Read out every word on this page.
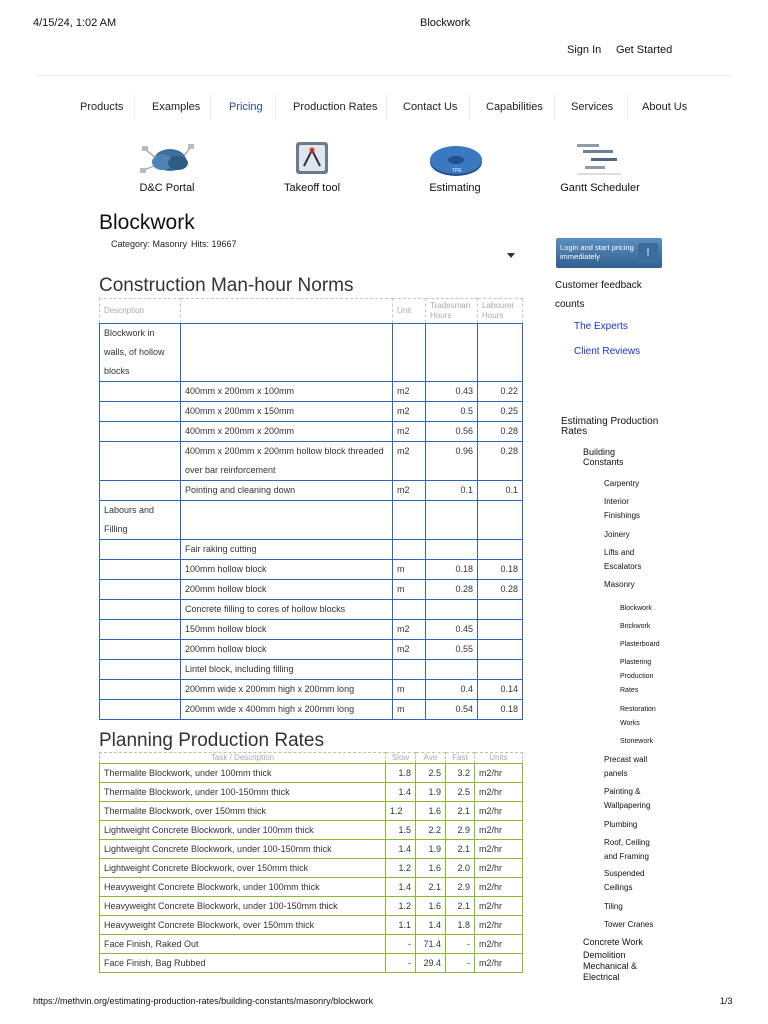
4/15/24, 1:02 AM	Blockwork
Sign In Get Started
Products	Examples	Pricing	Production Rates Contact Us	Capabilities	Services	About Us
TPE
D&C Portal	Takeoff tool	Estimating	Gantt Scheduler
Blockwork
Category: Masonry Hits: 19667
Construction Man-hour Norms
Description		Unit	Tradesman Hours	Labourer Hours
Blockwork in walls, of hollow blocks				
	400mm x 200mm x 100mm	m2	0.43	0.22
	400mm x 200mm x 150mm	m2	0.5	0.25
	400mm x 200mm x 200mm	m2	0.56	0.28
	400mm x 200mm x 200mm hollow block threaded over bar reinforcement	m2	0.96	0.28
	Pointing and cleaning down	m2	0.1	0.1
Labours and Filling				
	Fair raking cutting			
	100mm hollow block	m	0.18	0.18
	200mm hollow block	m	0.28	0.28
	Concrete filling to cores of hollow blocks			
	150mm hollow block	m2	0.45	
	200mm hollow block	m2	0.55	
	Lintel block, including filling			
	200mm wide x 200mm high x 200mm long	m	0.4	0.14
	200mm wide x 400mm high x 200mm long	m	0.54	0.18
Planning Production Rates
Task / Description	Slow	Ave	Fast	Units
Thermalite Blockwork, under 100mm thick	1.8	2.5	3.2	m2/hr
Thermalite Blockwork, under 100-150mm thick	1.4	1.9	2.5	m2/hr
Thermalite Blockwork, over 150mm thick	1.2	1.6	2.1	m2/hr
Lightweight Concrete Blockwork, under 100mm thick	1.5	2.2	2.9	m2/hr
Lightweight Concrete Blockwork, under 100-150mm thick	1.4	1.9	2.1	m2/hr
Lightweight Concrete Blockwork, over 150mm thick	1.2	1.6	2.0	m2/hr
Heavyweight Concrete Blockwork, under 100mm thick	1.4	2.1	2.9	m2/hr
Heavyweight Concrete Blockwork, under 100-150mm thick	1.2	1.6	2.1	m2/hr
Heavyweight Concrete Blockwork, over 150mm thick	1.1	1.4	1.8	m2/hr
Face Finish, Raked Out	-	71.4	-	m2/hr
Face Finish, Bag Rubbed	-	29.4	-	m2/hr
Login and start pricing immediately	!
Customer feedback counts
The Experts
Client Reviews
Estimating Production Rates
Building Constants
Carpentry
Interior Finishings
Joinery
Lifts and Escalators
Masonry
Blockwork
Brickwork
Plasterboard
Plastering Production Rates
Restoration Works
Stonework
Precast wall panels
Painting & Wallpapering
Plumbing
Roof, Ceiling and Framing
Suspended Ceilings
Tiling
Tower Cranes
Concrete Work
Demolition
Mechanical & Electrical
https://methvin.org/estimating-production-rates/building-constants/masonry/blockwork	1/3
